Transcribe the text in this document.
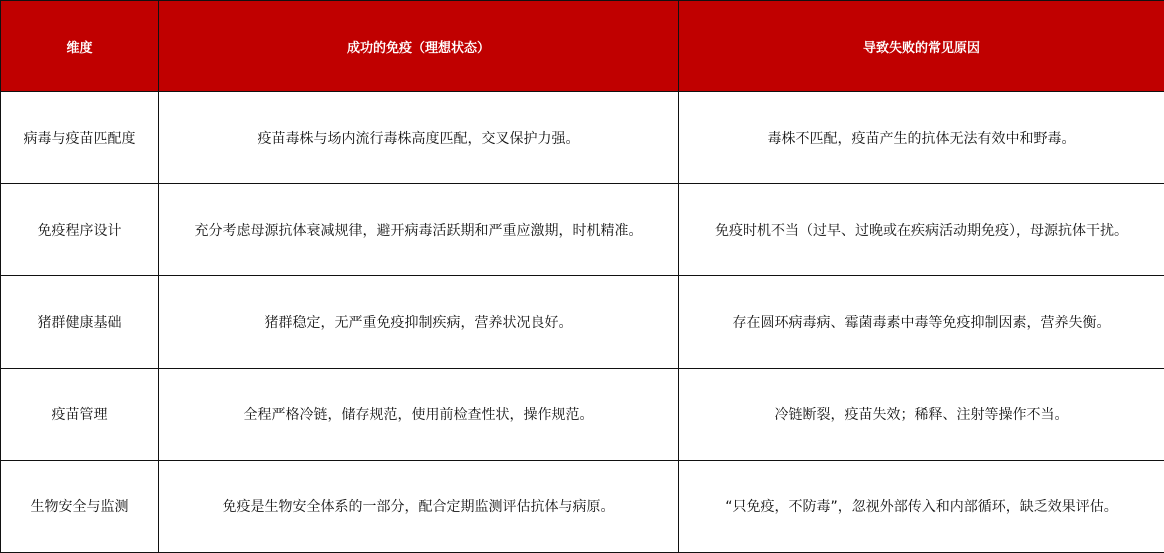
维度	成功的免疫（理想状态）	导致失败的常见原因
病毒与疫苗匹配度	疫苗毒株与场内流行毒株高度匹配，交叉保护力强。	毒株不匹配，疫苗产生的抗体无法有效中和野毒。
免疫程序设计	充分考虑母源抗体衰减规律，避开病毒活跃期和严重应激期，时机精准。	免疫时机不当（过早、过晚或在疾病活动期免疫），母源抗体干扰。
猪群健康基础	猪群稳定，无严重免疫抑制疾病，营养状况良好。	存在圆环病毒病、霉菌毒素中毒等免疫抑制因素，营养失衡。
疫苗管理	全程严格冷链，储存规范，使用前检查性状，操作规范。	冷链断裂，疫苗失效；稀释、注射等操作不当。
生物安全与监测	免疫是生物安全体系的一部分，配合定期监测评估抗体与病原。	“只免疫，不防毒”，忽视外部传入和内部循环，缺乏效果评估。
